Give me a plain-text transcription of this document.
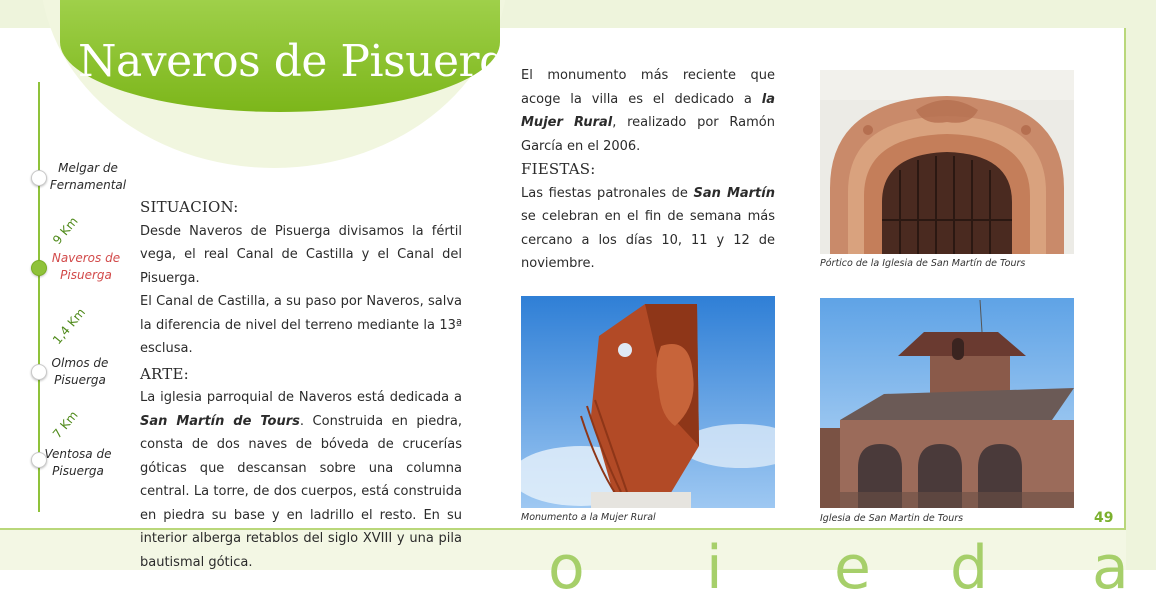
Naveros de Pisuerga
Melgar de
Fernamental
9 Km
Naveros de
Pisuerga
1,4 Km
Olmos de
Pisuerga
7 Km
Ventosa de
Pisuerga

SITUACION:

Desde Naveros de Pisuerga divisamos la fértil vega, el real Canal de Castilla y el Canal del Pisuerga.

El Canal de Castilla, a su paso por Naveros, salva la diferencia de nivel del terreno mediante la 13ª esclusa.

ARTE:

La iglesia parroquial de Naveros está dedicada a San Martín de Tours. Construida en piedra, consta de dos naves de bóveda de crucerías góticas que descansan sobre una columna central. La torre, de dos cuerpos, está construida en piedra su base y en ladrillo el resto. En su interior alberga retablos del siglo XVIII y una pila bautismal gótica.

El monumento más reciente que acoge la villa es el dedicado a la Mujer Rural, realizado por Ramón García en el 2006.

FIESTAS:

Las fiestas patronales de San Martín se celebran en el fin de semana más cercano a los días 10, 11 y 12 de noviembre.	Pórtico de la Iglesia de San Martín de Tours
Monumento a la Mujer Rural	Iglesia de San Martin de Tours	49
o i e d a
